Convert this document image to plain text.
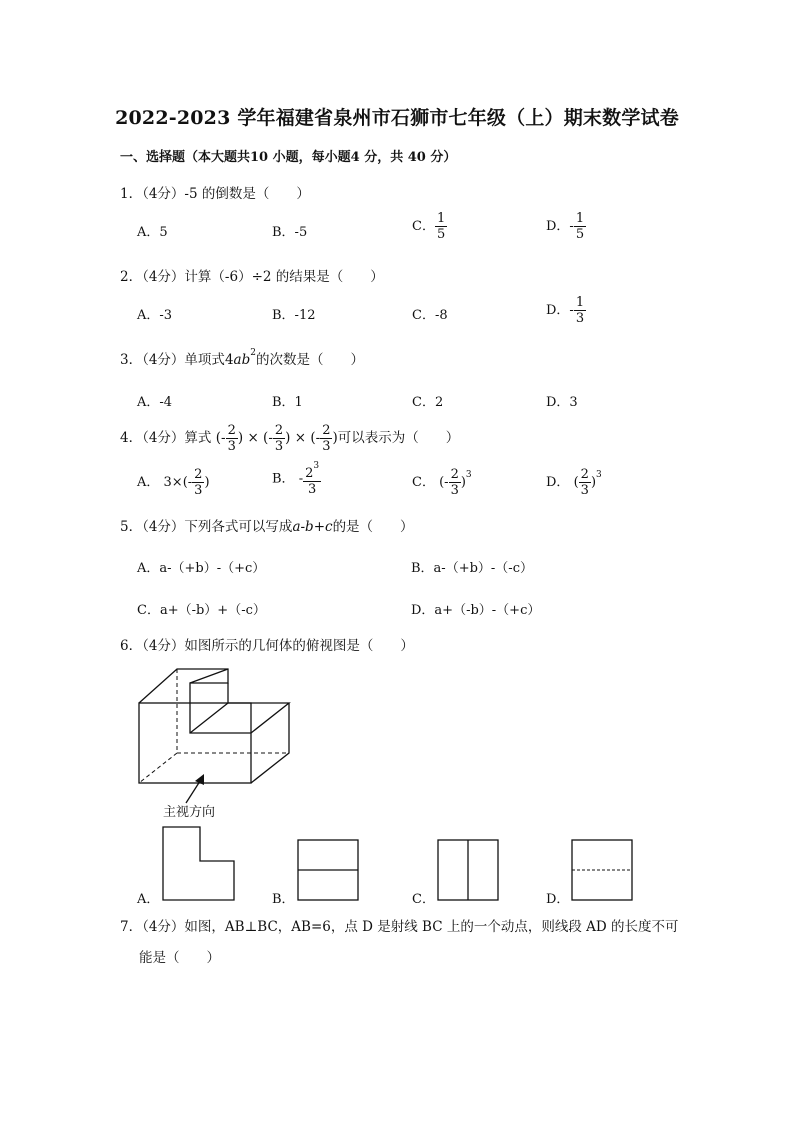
2022-2023 学年福建省泉州市石狮市七年级（上）期末数学试卷
一、选择题（本大题共10 小题，每小题4 分，共 40 分）
1．（4分）-5 的倒数是（　　）
A．5	B．-5	C． $\frac{1}{5}$	D．- $\frac{1}{5}$
2．（4分）计算（-6）÷2 的结果是（　　）
A．-3	B．-12	C．-8	D．- $\frac{1}{3}$
3．（4分）单项式$4ab^2$的次数是（　　）
A．-4	B．1	C．2	D．3
4．（4分）算式 (- $\frac{2}{3}$ ) × (- $\frac{2}{3}$ ) × (- $\frac{2}{3}$ )可以表示为（　　）
A． $3\times(- \frac{2}{3}$ )	B． - $\frac{2^3}{3}$	C． (- $\frac{2}{3} )^3$	D． ( $\frac{2}{3} )^3$
5．（4分）下列各式可以写成a-b+c的是（　　）
A．a-（+b）-（+c）	B．a-（+b）-（-c）
C．a+（-b）+（-c）	D．a+（-b）-（+c）
6．（4分）如图所示的几何体的俯视图是（　　）
主视方向
A．	B．	C．	D．
7．（4分）如图，AB⊥BC，AB=6，点 D 是射线 BC 上的一个动点，则线段 AD 的长度不可
能是（　　）
